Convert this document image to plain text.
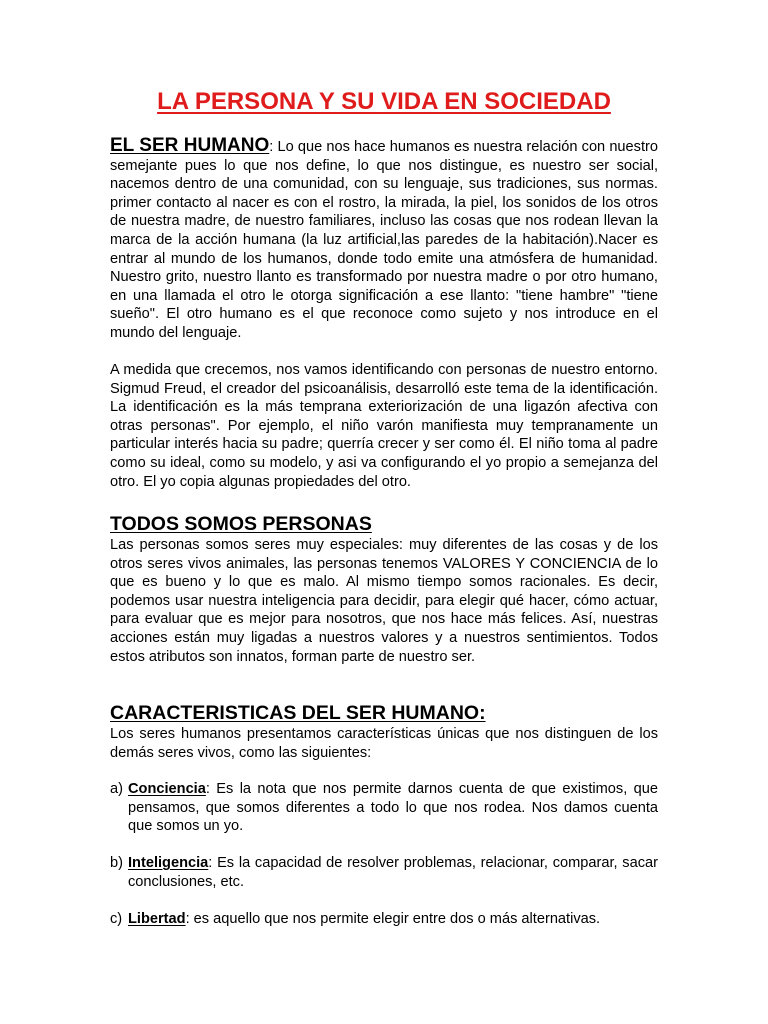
LA PERSONA Y SU VIDA EN SOCIEDAD

EL SER HUMANO: Lo que nos hace humanos es nuestra relación con nuestro semejante pues lo que nos define, lo que nos distingue, es nuestro ser social, nacemos dentro de una comunidad, con su lenguaje, sus tradiciones, sus normas. primer contacto al nacer es con el rostro, la mirada, la piel, los sonidos de los otros de nuestra madre, de nuestro familiares, incluso las cosas que nos rodean llevan la marca de la acción humana (la luz artificial,las paredes de la habitación).Nacer es entrar al mundo de los humanos, donde todo emite una atmósfera de humanidad. Nuestro grito, nuestro llanto es transformado por nuestra madre o por otro humano, en una llamada el otro le otorga significación a ese llanto: "tiene hambre" "tiene sueño". El otro humano es el que reconoce como sujeto y nos introduce en el mundo del lenguaje.

A medida que crecemos, nos vamos identificando con personas de nuestro entorno. Sigmud Freud, el creador del psicoanálisis, desarrolló este tema de la identificación. La identificación es la más temprana exteriorización de una ligazón afectiva con otras personas". Por ejemplo, el niño varón manifiesta muy tempranamente un particular interés hacia su padre; querría crecer y ser como él. El niño toma al padre como su ideal, como su modelo, y asi va configurando el yo propio a semejanza del otro. El yo copia algunas propiedades del otro.

TODOS SOMOS PERSONAS

Las personas somos seres muy especiales: muy diferentes de las cosas y de los otros seres vivos animales, las personas tenemos VALORES Y CONCIENCIA de lo que es bueno y lo que es malo. Al mismo tiempo somos racionales. Es decir, podemos usar nuestra inteligencia para decidir, para elegir qué hacer, cómo actuar, para evaluar que es mejor para nosotros, que nos hace más felices. Así, nuestras acciones están muy ligadas a nuestros valores y a nuestros sentimientos. Todos estos atributos son innatos, forman parte de nuestro ser.

CARACTERISTICAS DEL SER HUMANO:

Los seres humanos presentamos características únicas que nos distinguen de los demás seres vivos, como las siguientes:

a) Conciencia: Es la nota que nos permite darnos cuenta de que existimos, que pensamos, que somos diferentes a todo lo que nos rodea. Nos damos cuenta que somos un yo.
b) Inteligencia: Es la capacidad de resolver problemas, relacionar, comparar, sacar conclusiones, etc.
c) Libertad: es aquello que nos permite elegir entre dos o más alternativas.
